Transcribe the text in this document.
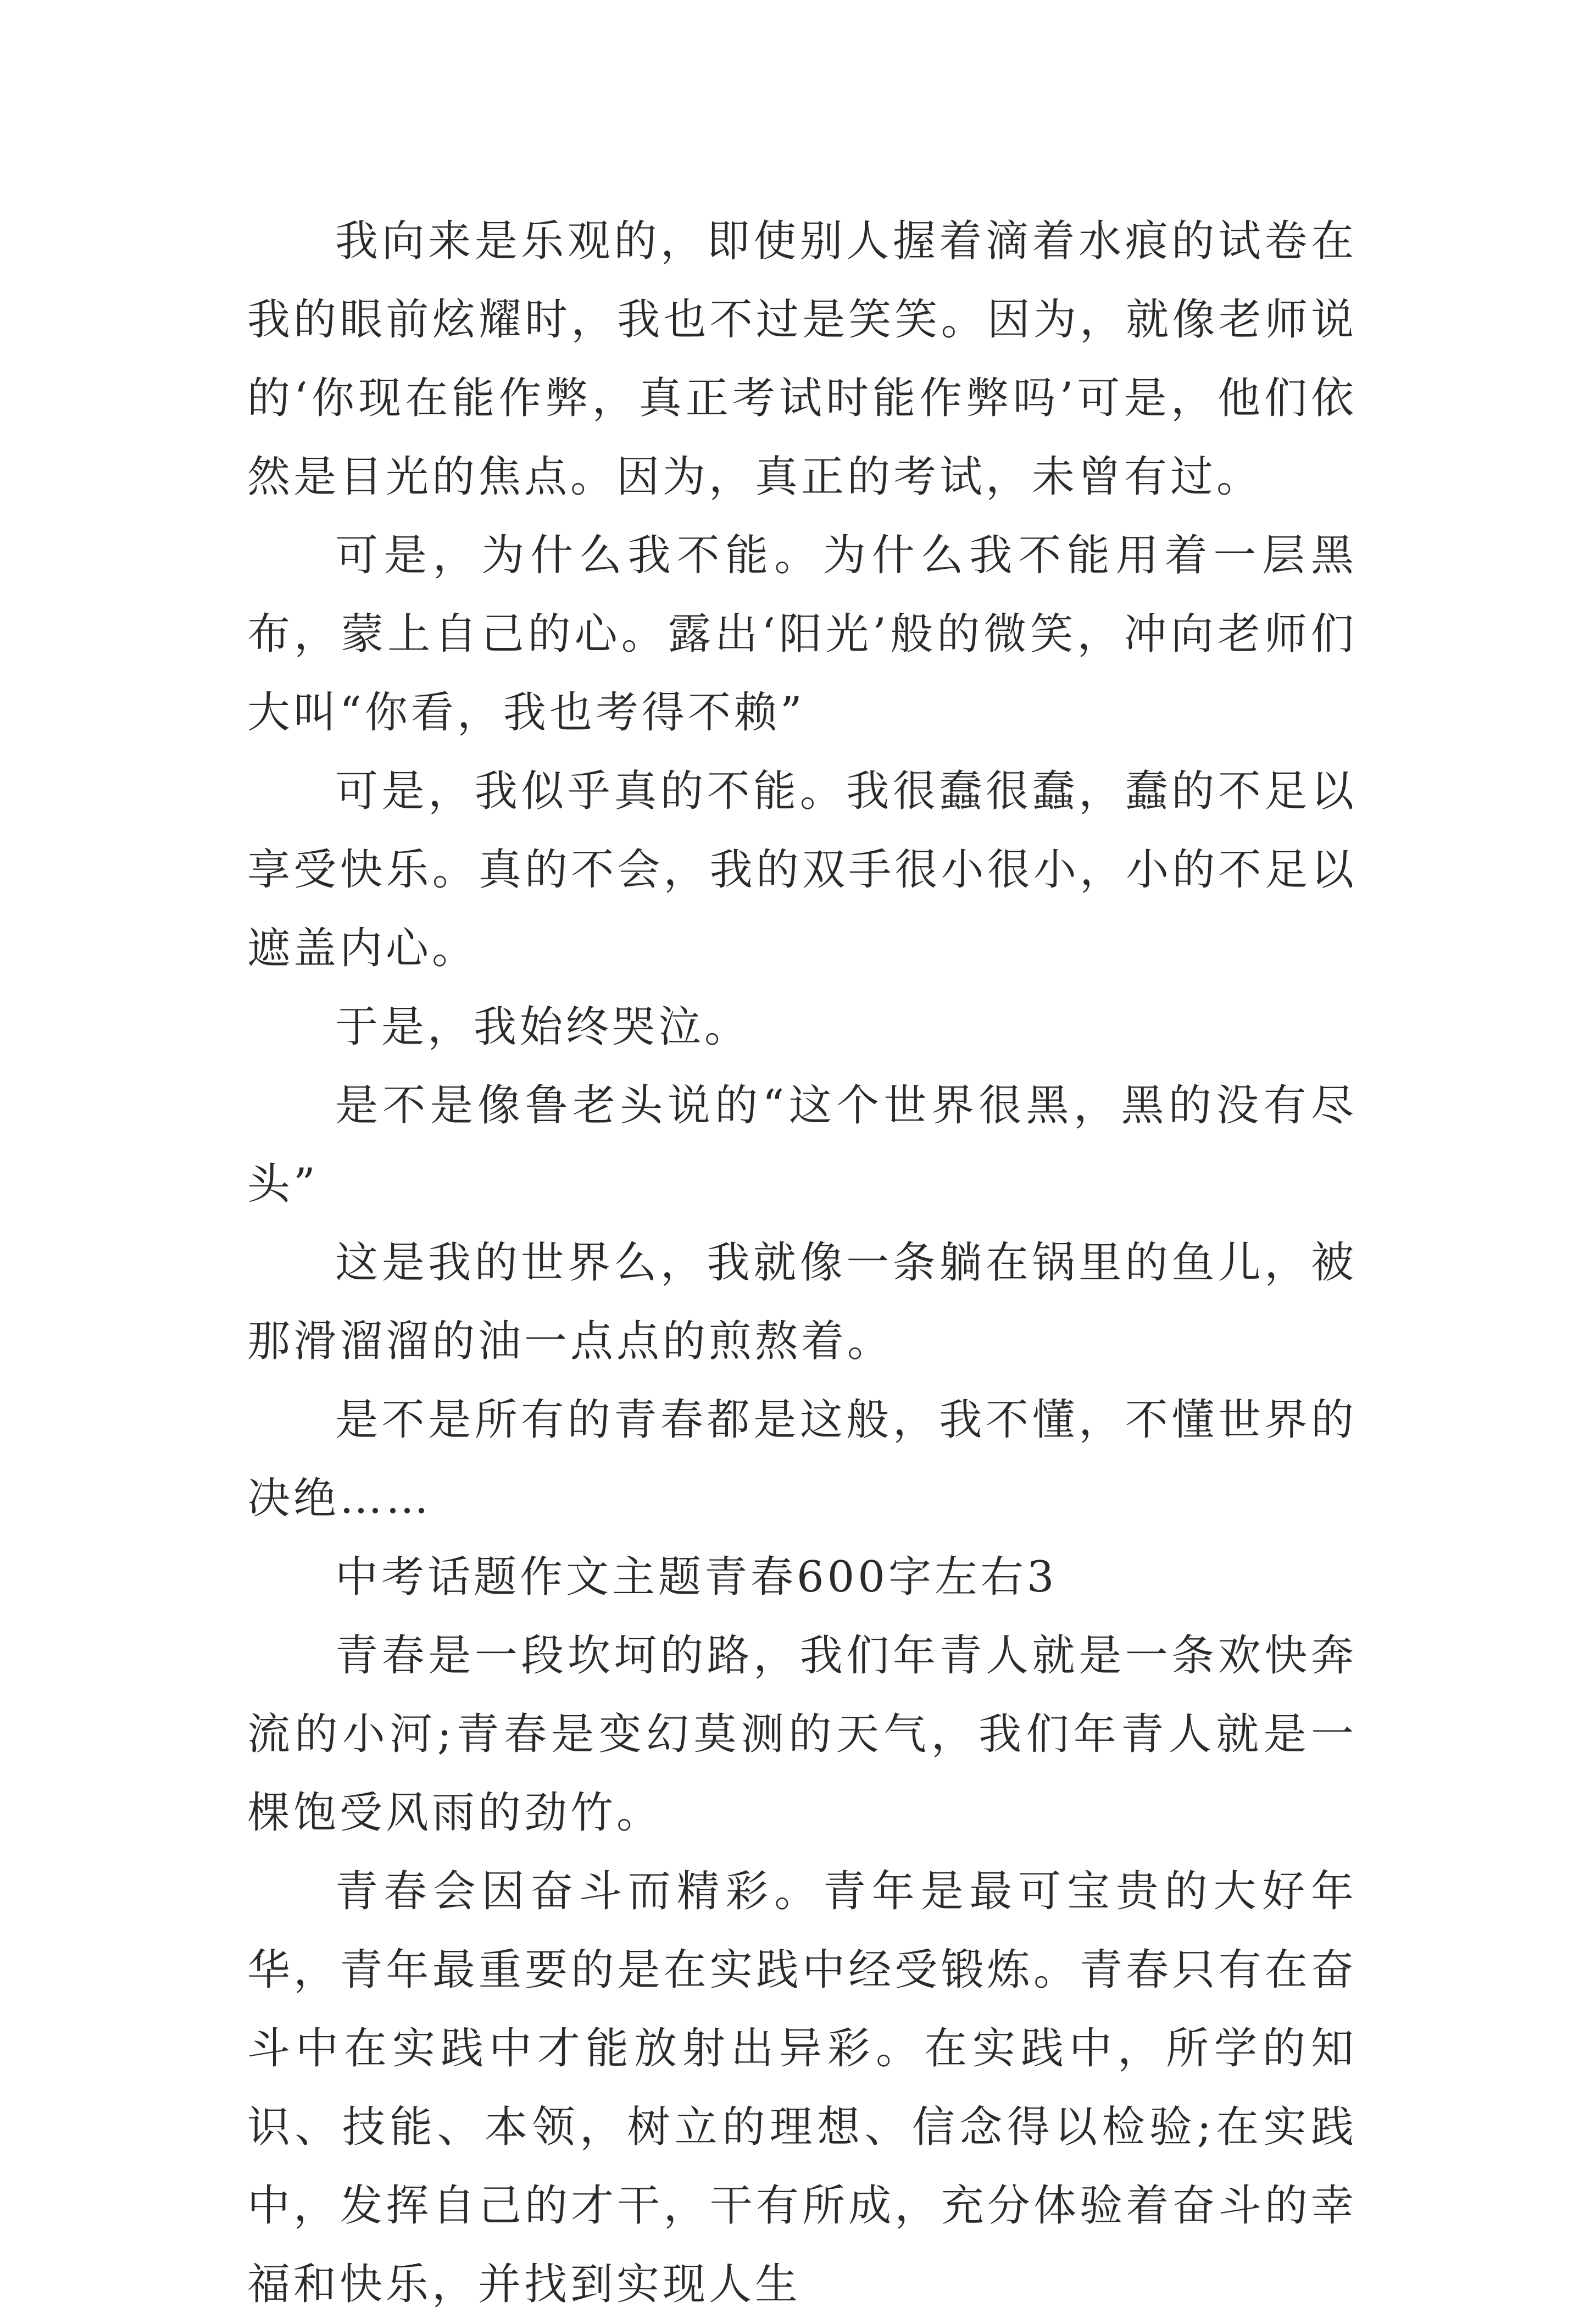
我向来是乐观的，即使别人握着滴着水痕的试卷在我的眼前炫耀时，我也不过是笑笑。因为，就像老师说的‘你现在能作弊，真正考试时能作弊吗’可是，他们依然是目光的焦点。因为，真正的考试，未曾有过。

可是，为什么我不能。为什么我不能用着一层黑布，蒙上自己的心。露出‘阳光’般的微笑，冲向老师们大叫“你看，我也考得不赖”

可是，我似乎真的不能。我很蠢很蠢，蠢的不足以享受快乐。真的不会，我的双手很小很小，小的不足以遮盖内心。

于是，我始终哭泣。

是不是像鲁老头说的“这个世界很黑，黑的没有尽头”

这是我的世界么，我就像一条躺在锅里的鱼儿，被那滑溜溜的油一点点的煎熬着。

是不是所有的青春都是这般，我不懂，不懂世界的决绝……

中考话题作文主题青春600字左右3

青春是一段坎坷的路，我们年青人就是一条欢快奔流的小河;青春是变幻莫测的天气，我们年青人就是一棵饱受风雨的劲竹。

青春会因奋斗而精彩。青年是最可宝贵的大好年华，青年最重要的是在实践中经受锻炼。青春只有在奋斗中在实践中才能放射出异彩。在实践中，所学的知识、技能、本领，树立的理想、信念得以检验;在实践中，发挥自己的才干，干有所成，充分体验着奋斗的幸福和快乐，并找到实现人生
